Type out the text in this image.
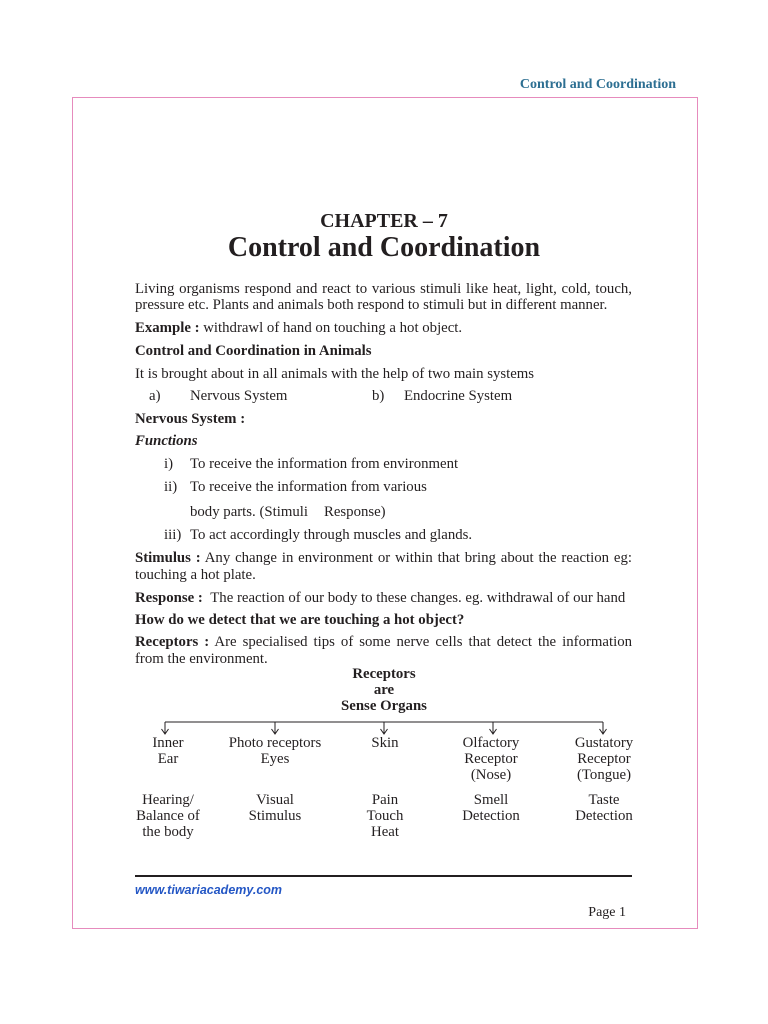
Control and Coordination
CHAPTER – 7
Control and Coordination
Living organisms respond and react to various stimuli like heat, light, cold, touch,
pressure etc. Plants and animals both respond to stimuli but in different manner.
Example : withdrawl of hand on touching a hot object.
Control and Coordination in Animals
It is brought about in all animals with the help of two main systems
a) Nervous System	b) Endocrine System
Nervous System :
Functions
i) To receive the information from environment
ii) To receive the information from various
body parts. (Stimuli Response)
iii) To act accordingly through muscles and glands.
Stimulus : Any change in environment or within that bring about the reaction eg:
touching a hot plate.
Response : The reaction of our body to these changes. eg. withdrawal of our hand
How do we detect that we are touching a hot object?
Receptors : Are specialised tips of some nerve cells that detect the information
from the environment.
Receptors
are
Sense Organs
Inner
Ear
Photo receptors
Eyes
Skin	Olfactory
Receptor
(Nose)
Gustatory
Receptor
(Tongue)
Hearing/
Balance of
the body
Visual
Stimulus
Pain
Touch
Heat
Smell
Detection
Taste
Detection
www.tiwariacademy.com
Page 1
